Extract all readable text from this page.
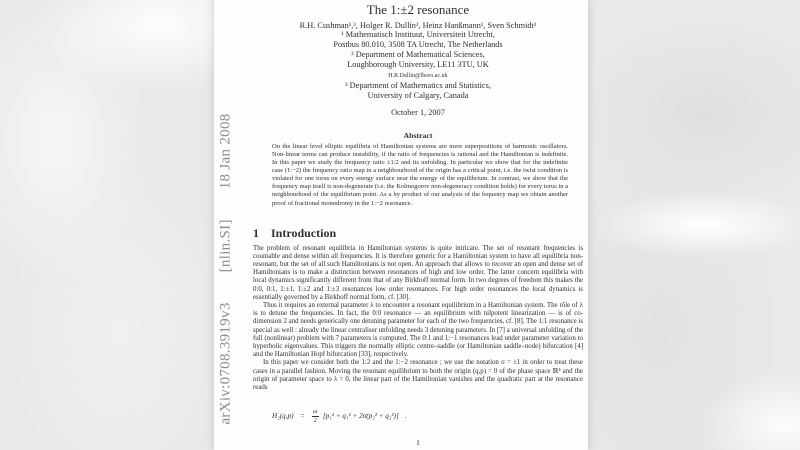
arXiv:0708.3919v3
[nlin.SI]
18 Jan 2008
The 1:±2 resonance
R.H. Cushman¹,³, Holger R. Dullin², Heinz Hanßmann¹, Sven Schmidt²
¹ Mathematisch Instituut, Universiteit Utrecht,
Postbus 80.010, 3508 TA Utrecht, The Netherlands
² Department of Mathematical Sciences,
Loughborough University, LE11 3TU, UK
H.R.Dullin@lboro.ac.uk
³ Department of Mathematics and Statistics,
University of Calgary, Canada
October 1, 2007
Abstract
On the linear level elliptic equilibria of Hamiltonian systems are mere superpositions of harmonic oscillators. Non-linear terms can produce instability, if the ratio of frequencies is rational and the Hamiltonian is indefinite. In this paper we study the frequency ratio ±1/2 and its unfolding. In particular we show that for the indefinite case (1:−2) the frequency ratio map in a neighbourhood of the origin has a critical point, i.e. the twist condition is violated for one torus on every energy surface near the energy of the equilibrium. In contrast, we show that the frequency map itself is non-degenerate (i.e. the Kolmogorov non-degeneracy condition holds) for every torus in a neighbourhood of the equilibrium point. As a by product of our analysis of the fequency map we obtain another proof of fractional monodromy in the 1:−2 resonance.
1 Introduction

The problem of resonant equilibria in Hamiltonian systems is quite intricate. The set of resonant frequencies is countable and dense within all frequencies. It is therefore generic for a Hamiltonian system to have all equilibria non-resonant, but the set of all such Hamiltonians is not open. An approach that allows to recover an open and dense set of Hamiltonians is to make a distinction between resonances of high and low order. The latter concern equilibria with local dynamics significantly different from that of any Birkhoff normal form. In two degrees of freedom this makes the 0:0, 0:1, 1:±1, 1:±2 and 1:±3 resonances low order resonances. For high order resonances the local dynamics is essentially governed by a Birkhoff normal form, cf. [30].

Thus it requires an external parameter λ to encounter a resonant equilibrium in a Hamiltonian system. The rôle of λ is to detune the frequencies. In fact, the 0:0 resonance — an equilibrium with nilpotent linearization — is of co-dimension 2 and needs generically one detuning parameter for each of the two frequencies, cf. [8]. The 1:1 resonance is special as well : already the linear centraliser unfolding needs 3 detuning parameters. In [7] a universal unfolding of the full (nonlinear) problem with 7 parameters is computed. The 0:1 and 1:−1 resonances lead under parameter variation to hyperbolic eigenvalues. This triggers the normally elliptic centre–saddle (or Hamiltonian saddle–node) bifurcation [4] and the Hamiltonian Hopf bifurcation [33], respectively.

In this paper we consider both the 1:2 and the 1:−2 resonance ; we use the notation σ = ±1 in order to treat these cases in a parallel fashion. Moving the resonant equilibrium to both the origin (q,p) = 0 of the phase space ℝ⁴ and the origin of parameter space to λ = 0, the linear part of the Hamiltonian vanishes and the quadratic part at the resonance reads

$H_2(q,p) = \frac{\omega}{2} [p_1^2 + q_1^2 + 2\sigma(p_2^2 + q_2^2)]$ .
1
